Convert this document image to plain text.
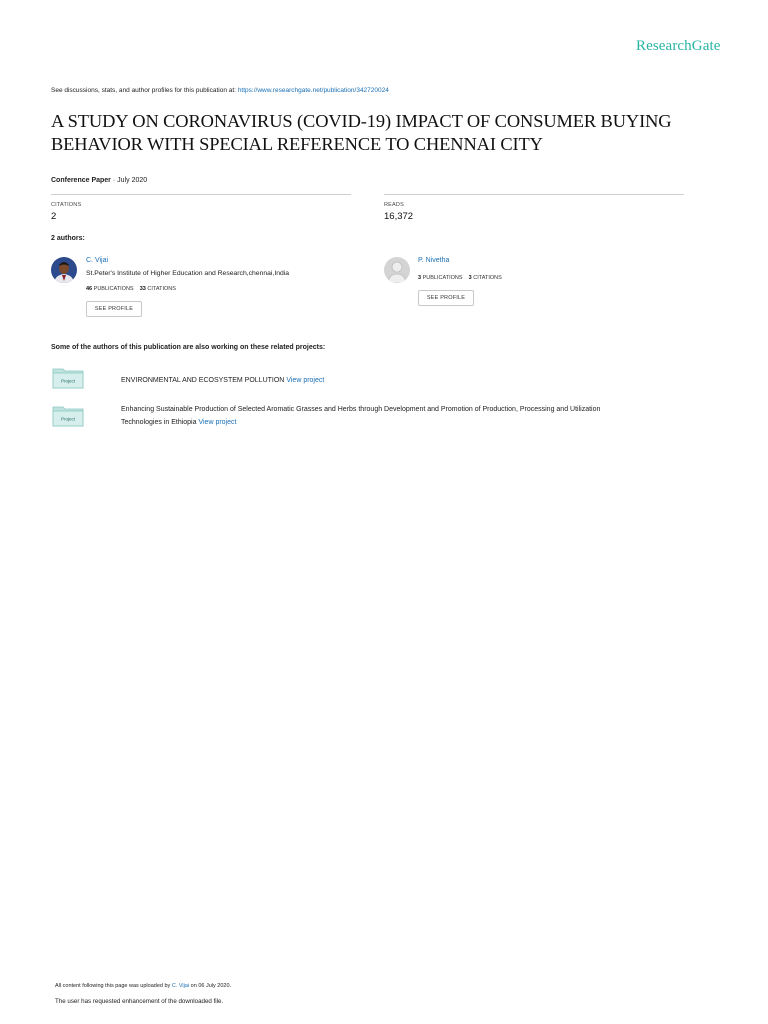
ResearchGate
See discussions, stats, and author profiles for this publication at: https://www.researchgate.net/publication/342720024
A STUDY ON CORONAVIRUS (COVID-19) IMPACT OF CONSUMER BUYING
BEHAVIOR WITH SPECIAL REFERENCE TO CHENNAI CITY
Conference Paper · July 2020
CITATIONS
2
READS
16,372
2 authors:
C. Vijai
St.Peter's Institute of Higher Education and Research,chennai,India
46 PUBLICATIONS 33 CITATIONS
SEE PROFILE
P. Nivetha
3 PUBLICATIONS 3 CITATIONS
SEE PROFILE
Some of the authors of this publication are also working on these related projects:
Project	ENVIRONMENTAL AND ECOSYSTEM POLLUTION View project
Project
Enhancing Sustainable Production of Selected Aromatic Grasses and Herbs through Development and Promotion of Production, Processing and Utilization
Technologies in Ethiopia View project
All content following this page was uploaded by C. Vijai on 06 July 2020.
The user has requested enhancement of the downloaded file.
